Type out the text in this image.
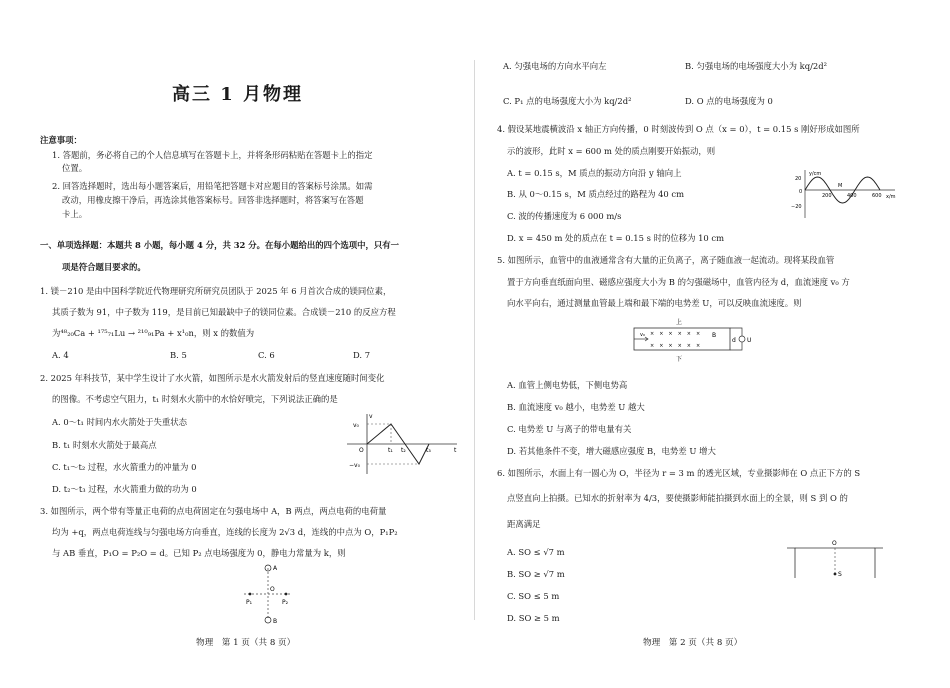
高三 1 月物理
注意事项：
1. 答题前，务必将自己的个人信息填写在答题卡上，并将条形码粘贴在答题卡上的指定
位置。
2. 回答选择题时，选出每小题答案后，用铅笔把答题卡对应题目的答案标号涂黑。如需
改动，用橡皮擦干净后，再选涂其他答案标号。回答非选择题时，将答案写在答题
卡上。
一、单项选择题：本题共 8 小题，每小题 4 分，共 32 分。在每小题给出的四个选项中，只有一
项是符合题目要求的。
1. 镁－210 是由中国科学院近代物理研究所研究员团队于 2025 年 6 月首次合成的镁同位素，
其质子数为 91，中子数为 119，是目前已知最缺中子的镁同位素。合成镁－210 的反应方程
为⁴⁸₂₀Ca + ¹⁷⁵₇₁Lu → ²¹⁰₉₁Pa + x¹₀n，则 x 的数值为
A. 4	B. 5	C. 6	D. 7
2. 2025 年科技节，某中学生设计了水火箭，如图所示是水火箭发射后的竖直速度随时间变化
的图像。不考虑空气阻力，t₁ 时刻水火箭中的水恰好喷完，下列说法正确的是
A. 0～t₁ 时间内水火箭处于失重状态
B. t₁ 时刻水火箭处于最高点
C. t₁～t₂ 过程，水火箭重力的冲量为 0
D. t₂～t₃ 过程，水火箭重力做的功为 0
v
v₀
−v₀
O	t₁ t₂	t₃	t
3. 如图所示，两个带有等量正电荷的点电荷固定在匀强电场中 A，B 两点，两点电荷的电荷量
均为 +q，两点电荷连线与匀强电场方向垂直，连线的长度为 2√3 d，连线的中点为 O，P₁P₂
与 AB 垂直，P₁O = P₂O = d。已知 P₂ 点电场强度为 0，静电力常量为 k，则
A
B
O
P₁	P₂
物理　第 1 页（共 8 页）
A. 匀强电场的方向水平向左	B. 匀强电场的电场强度大小为 kq/2d²
C. P₁ 点的电场强度大小为 kq/2d²	D. O 点的电场强度为 0
4. 假设某地震横波沿 x 轴正方向传播，0 时刻波传到 O 点（x = 0），t = 0.15 s 刚好形成如图所
示的波形，此时 x = 600 m 处的质点刚要开始振动，则
A. t = 0.15 s，M 质点的振动方向沿 y 轴向上
B. 从 0～0.15 s，M 质点经过的路程为 40 cm
C. 波的传播速度为 6 000 m/s
D. x = 450 m 处的质点在 t = 0.15 s 时的位移为 10 cm
y/cm
x/m
20
0
−20
200	400	600
M
5. 如图所示，血管中的血液通常含有大量的正负离子，离子随血液一起流动。现将某段血管
置于方向垂直纸面向里、磁感应强度大小为 B 的匀强磁场中，血管内径为 d，血流速度 v₀ 方
向水平向右，通过测量血管最上端和最下端的电势差 U，可以反映血流速度。则
×　×　×　×　×　×
×　×　×　×　×　×
上
下
B
v₀
d U
A. 血管上侧电势低，下侧电势高
B. 血流速度 v₀ 越小，电势差 U 越大
C. 电势差 U 与离子的带电量有关
D. 若其他条件不变，增大磁感应强度 B，电势差 U 增大
6. 如图所示，水面上有一圆心为 O，半径为 r = 3 m 的透光区域，专业摄影师在 O 点正下方的 S
点竖直向上拍摄。已知水的折射率为 4/3，要使摄影师能拍摄到水面上的全景，则 S 到 O 的
距离满足
A. SO ≤ √7 m
B. SO ≥ √7 m
C. SO ≤ 5 m
D. SO ≥ 5 m
O
S
物理　第 2 页（共 8 页）
